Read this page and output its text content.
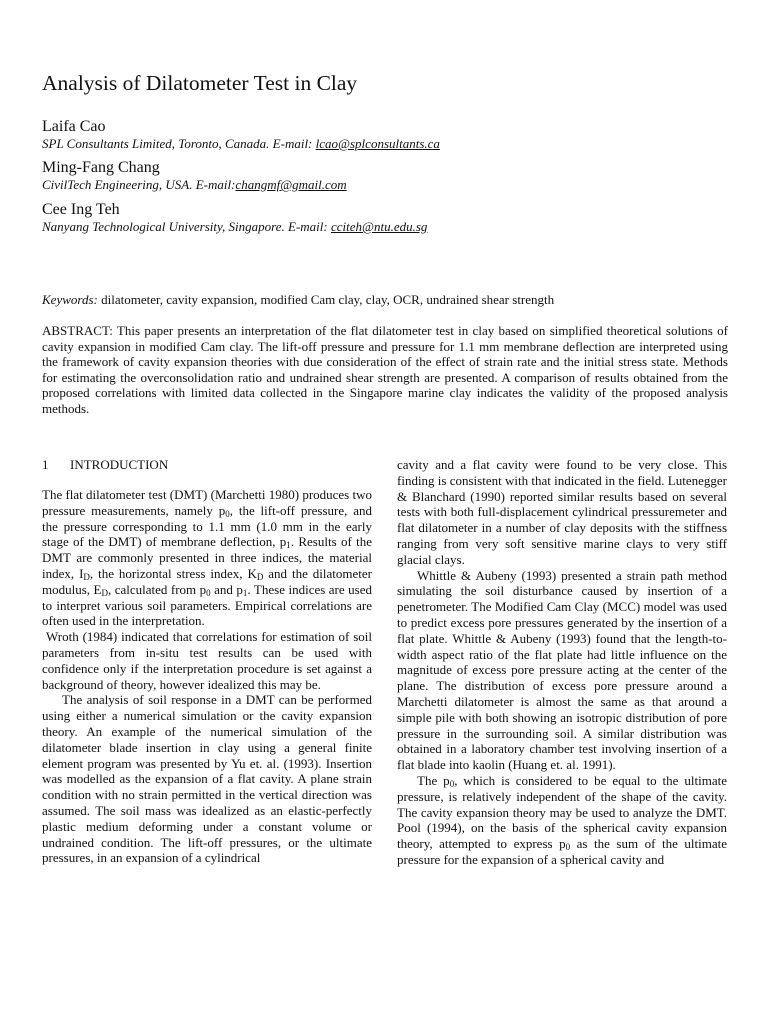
Analysis of Dilatometer Test in Clay
Laifa Cao
SPL Consultants Limited, Toronto, Canada. E-mail: lcao@splconsultants.ca
Ming-Fang Chang
CivilTech Engineering, USA. E-mail:changmf@gmail.com
Cee Ing Teh
Nanyang Technological University, Singapore. E-mail: cciteh@ntu.edu.sg
Keywords: dilatometer, cavity expansion, modified Cam clay, clay, OCR, undrained shear strength

ABSTRACT: This paper presents an interpretation of the flat dilatometer test in clay based on simplified theoretical solutions of cavity expansion in modified Cam clay. The lift-off pressure and pressure for 1.1 mm membrane deflection are interpreted using the framework of cavity expansion theories with due consideration of the effect of strain rate and the initial stress state. Methods for estimating the overconsolidation ratio and undrained shear strength are presented. A comparison of results obtained from the proposed correlations with limited data collected in the Singapore marine clay indicates the validity of the proposed analysis methods.

1	INTRODUCTION

The flat dilatometer test (DMT) (Marchetti 1980) produces two pressure measurements, namely $p_0$, the lift-off pressure, and the pressure corresponding to 1.1 mm (1.0 mm in the early stage of the DMT) of membrane deflection, $p_1$. Results of the DMT are commonly presented in three indices, the material index, $I_D$, the horizontal stress index, $K_D$ and the dilatometer modulus, $E_D$, calculated from $p_0$ and $p_1$. These indices are used to interpret various soil parameters. Empirical correlations are often used in the interpretation.

Wroth (1984) indicated that correlations for estimation of soil parameters from in-situ test results can be used with confidence only if the interpretation procedure is set against a background of theory, however idealized this may be.

The analysis of soil response in a DMT can be performed using either a numerical simulation or the cavity expansion theory. An example of the numerical simulation of the dilatometer blade insertion in clay using a general finite element program was presented by Yu et. al. (1993). Insertion was modelled as the expansion of a flat cavity. A plane strain condition with no strain permitted in the vertical direction was assumed. The soil mass was idealized as an elastic-perfectly plastic medium deforming under a constant volume or undrained condition. The lift-off pressures, or the ultimate pressures, in an expansion of a cylindrical

cavity and a flat cavity were found to be very close. This finding is consistent with that indicated in the field. Lutenegger & Blanchard (1990) reported similar results based on several tests with both full-displacement cylindrical pressuremeter and flat dilatometer in a number of clay deposits with the stiffness ranging from very soft sensitive marine clays to very stiff glacial clays.

Whittle & Aubeny (1993) presented a strain path method simulating the soil disturbance caused by insertion of a penetrometer. The Modified Cam Clay (MCC) model was used to predict excess pore pressures generated by the insertion of a flat plate. Whittle & Aubeny (1993) found that the length-to-width aspect ratio of the flat plate had little influence on the magnitude of excess pore pressure acting at the center of the plane. The distribution of excess pore pressure around a Marchetti dilatometer is almost the same as that around a simple pile with both showing an isotropic distribution of pore pressure in the surrounding soil. A similar distribution was obtained in a laboratory chamber test involving insertion of a flat blade into kaolin (Huang et. al. 1991).

The $p_0$, which is considered to be equal to the ultimate pressure, is relatively independent of the shape of the cavity. The cavity expansion theory may be used to analyze the DMT. Pool (1994), on the basis of the spherical cavity expansion theory, attempted to express $p_0$ as the sum of the ultimate pressure for the expansion of a spherical cavity and
